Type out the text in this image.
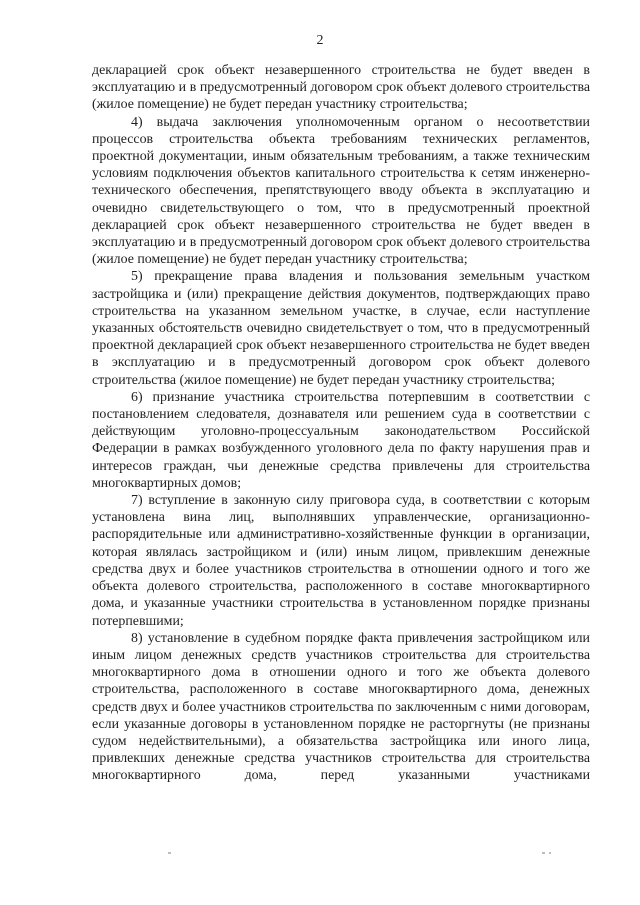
2

декларацией срок объект незавершенного строительства не будет введен в эксплуатацию и в предусмотренный договором срок объект долевого строительства (жилое помещение) не будет передан участнику строительства;

4) выдача заключения уполномоченным органом о несоответствии процессов строительства объекта требованиям технических регламентов, проектной документации, иным обязательным требованиям, а также техническим условиям подключения объектов капитального строительства к сетям инженерно-технического обеспечения, препятствующего вводу объекта в эксплуатацию и очевидно свидетельствующего о том, что в предусмотренный проектной декларацией срок объект незавершенного строительства не будет введен в эксплуатацию и в предусмотренный договором срок объект долевого строительства (жилое помещение) не будет передан участнику строительства;

5) прекращение права владения и пользования земельным участком застройщика и (или) прекращение действия документов, подтверждающих право строительства на указанном земельном участке, в случае, если наступление указанных обстоятельств очевидно свидетельствует о том, что в предусмотренный проектной декларацией срок объект незавершенного строительства не будет введен в эксплуатацию и в предусмотренный договором срок объект долевого строительства (жилое помещение) не будет передан участнику строительства;

6) признание участника строительства потерпевшим в соответствии с постановлением следователя, дознавателя или решением суда в соответствии с действующим уголовно-процессуальным законодательством Российской Федерации в рамках возбужденного уголовного дела по факту нарушения прав и интересов граждан, чьи денежные средства привлечены для строительства многоквартирных домов;

7) вступление в законную силу приговора суда, в соответствии с которым установлена вина лиц, выполнявших управленческие, организационно-распорядительные или административно-хозяйственные функции в организации, которая являлась застройщиком и (или) иным лицом, привлекшим денежные средства двух и более участников строительства в отношении одного и того же объекта долевого строительства, расположенного в составе многоквартирного дома, и указанные участники строительства в установленном порядке признаны потерпевшими;

8) установление в судебном порядке факта привлечения застройщиком или иным лицом денежных средств участников строительства для строительства многоквартирного дома в отношении одного и того же объекта долевого строительства, расположенного в составе многоквартирного дома, денежных средств двух и более участников строительства по заключенным с ними договорам, если указанные договоры в установленном порядке не расторгнуты (не признаны судом недействительными), а обязательства застройщика или иного лица, привлекших денежные средства участников строительства для строительства многоквартирного дома, перед указанными участниками
